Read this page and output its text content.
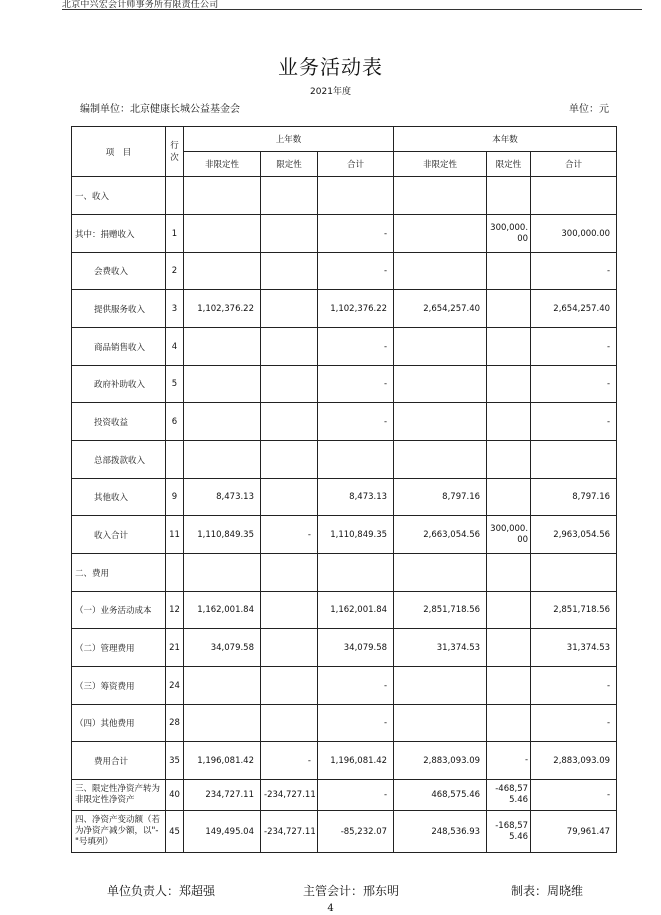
北京中兴宏会计师事务所有限责任公司
业务活动表
2021年度
编制单位：北京健康长城公益基金会	单位：元
项　目	行次	上年数			本年数		
		非限定性	限定性	合计	非限定性	限定性	合计
一、收入							
其中：捐赠收入	1			-		300,000.00	300,000.00
会费收入	2			-			-
提供服务收入	3	1,102,376.22		1,102,376.22	2,654,257.40		2,654,257.40
商品销售收入	4			-			-
政府补助收入	5			-			-
投资收益	6			-			-
总部拨款收入							
其他收入	9	8,473.13		8,473.13	8,797.16		8,797.16
收入合计	11	1,110,849.35	-	1,110,849.35	2,663,054.56	300,000.00	2,963,054.56
二、费用							
（一）业务活动成本	12	1,162,001.84		1,162,001.84	2,851,718.56		2,851,718.56
（二）管理费用	21	34,079.58		34,079.58	31,374.53		31,374.53
（三）筹资费用	24			-			-
（四）其他费用	28			-			-
费用合计	35	1,196,081.42	-	1,196,081.42	2,883,093.09	-	2,883,093.09
三、限定性净资产转为非限定性净资产	40	234,727.11	-234,727.11	-	468,575.46	-468,575.46	-
四、净资产变动额（若为净资产减少额，以"-"号填列）	45	149,495.04	-234,727.11	-85,232.07	248,536.93	-168,575.46	79,961.47
单位负责人：郑超强	主管会计：邢东明	制表：周晓维
4
